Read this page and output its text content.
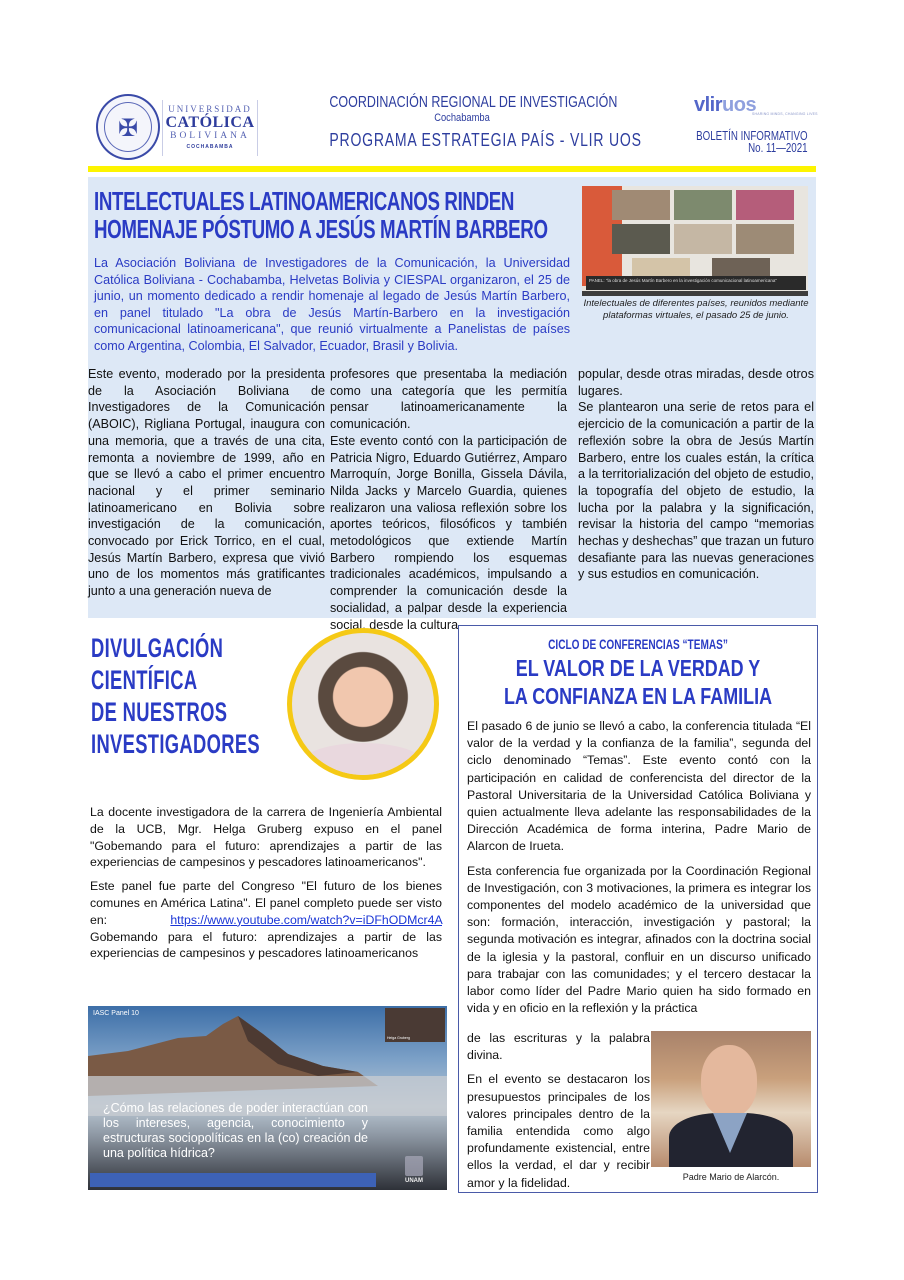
✠
UNIVERSIDAD
CATÓLICA
BOLIVIANA
COCHABAMBA
COORDINACIÓN REGIONAL DE INVESTIGACIÓN
Cochabamba
PROGRAMA ESTRATEGIA PAÍS - VLIR UOS
vliruos
SHARING MINDS, CHANGING LIVES
BOLETÍN INFORMATIVO
No. 11—2021
INTELECTUALES LATINOAMERICANOS RINDEN
HOMENAJE PÓSTUMO A JESÚS MARTÍN BARBERO
La Asociación Boliviana de Investigadores de la Comunicación, la Universidad Católica Boliviana - Cochabamba, Helvetas Bolivia y CIESPAL organizaron, el 25 de junio, un momento dedicado a rendir homenaje al legado de Jesús Martín Barbero, en panel titulado "La obra de Jesús Martín-Barbero en la investigación comunicacional latinoamericana", que reunió virtualmente a Panelistas de países como Argentina, Colombia, El Salvador, Ecuador, Brasil y Bolivia.
PANEL: "la obra de Jesús Martín Barbero en la investigación comunicacional latinoamericana"
Intelectuales de diferentes países, reunidos mediante plataformas virtuales, el pasado 25 de junio.

Este evento, moderado por la presidenta de la Asociación Boliviana de Investigadores de la Comunicación (ABOIC), Rigliana Portugal, inaugura con una memoria, que a través de una cita, remonta a noviembre de 1999, año en que se llevó a cabo el primer encuentro nacional y el primer seminario latinoamericano en Bolivia sobre investigación de la comunicación, convocado por Erick Torrico, en el cual, Jesús Martín Barbero, expresa que vivió uno de los momentos más gratificantes junto a una generación nueva de

profesores que presentaba la mediación como una categoría que les permitía pensar latinoamericanamente la comunicación.

Este evento contó con la participación de Patricia Nigro, Eduardo Gutiérrez, Amparo Marroquín, Jorge Bonilla, Gissela Dávila, Nilda Jacks y Marcelo Guardia, quienes realizaron una valiosa reflexión sobre los aportes teóricos, filosóficos y también metodológicos que extiende Martín Barbero rompiendo los esquemas tradicionales académicos, impulsando a comprender la comunicación desde la socialidad, a palpar desde la experiencia social, desde la cultura

popular, desde otras miradas, desde otros lugares.

Se plantearon una serie de retos para el ejercicio de la comunicación a partir de la reflexión sobre la obra de Jesús Martín Barbero, entre los cuales están, la crítica a la territorialización del objeto de estudio, la topografía del objeto de estudio, la lucha por la palabra y la significación, revisar la historia del campo “memorias hechas y deshechas” que trazan un futuro desafiante para las nuevas generaciones y sus estudios en comunicación.

DIVULGACIÓN
CIENTÍFICA
DE NUESTROS
INVESTIGADORES

La docente investigadora de la carrera de Ingeniería Ambiental de la UCB, Mgr. Helga Gruberg expuso en el panel "Gobemando para el futuro: aprendizajes a partir de las experiencias de campesinos y pescadores latinoamericanos".

Este panel fue parte del Congreso "El futuro de los bienes comunes en América Latina". El panel completo puede ser visto en: https://www.youtube.com/watch?v=iDFhODMcr4A Gobemando para el futuro: aprendizajes a partir de las experiencias de campesinos y pescadores latinoamericanos

IASC Panel 10
Helga Gruberg
¿Cómo las relaciones de poder interactúan con los intereses, agencia, conocimiento y estructuras sociopolíticas en la (co) creación de una política hídrica?
UNAM
CICLO DE CONFERENCIAS “TEMAS”
EL VALOR DE LA VERDAD Y
LA CONFIANZA EN LA FAMILIA

El pasado 6 de junio se llevó a cabo, la conferencia titulada “El valor de la verdad y la confianza de la familia”, segunda del ciclo denominado “Temas”. Este evento contó con la participación en calidad de conferencista del director de la Pastoral Universitaria de la Universidad Católica Boliviana y quien actualmente lleva adelante las responsabilidades de la Dirección Académica de forma interina, Padre Mario de Alarcon de Irueta.

Esta conferencia fue organizada por la Coordinación Regional de Investigación, con 3 motivaciones, la primera es integrar los componentes del modelo académico de la universidad que son: formación, interacción, investigación y pastoral; la segunda motivación es integrar, afinados con la doctrina social de la iglesia y la pastoral, confluir en un discurso unificado para trabajar con las comunidades; y el tercero destacar la labor como líder del Padre Mario quien ha sido formado en vida y en oficio en la reflexión y la práctica

de las escrituras y la palabra divina.

En el evento se destacaron los presupuestos principales de los valores principales dentro de la familia entendida como algo profundamente existencial, entre ellos la verdad, el dar y recibir amor y la fidelidad.	Padre Mario de Alarcón.
